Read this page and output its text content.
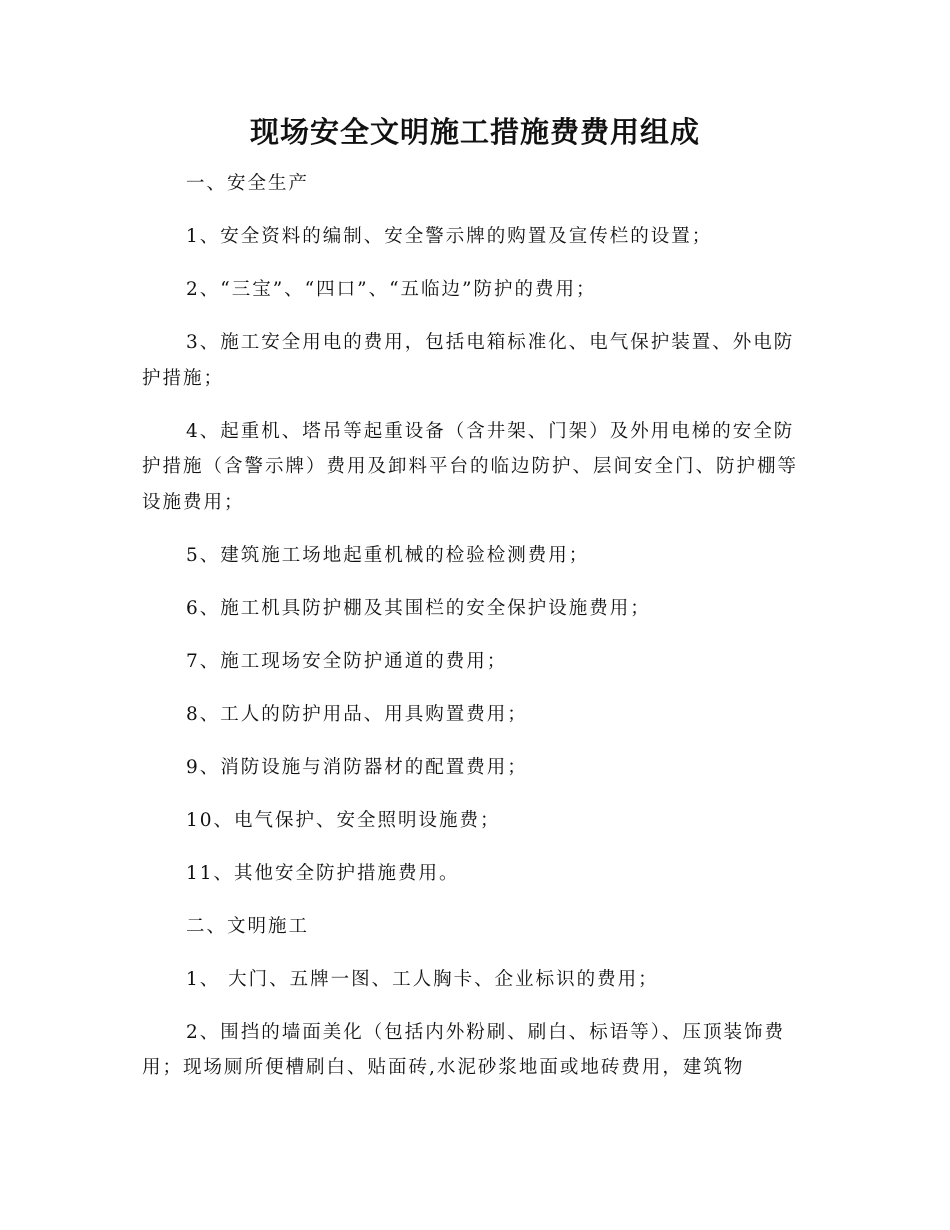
现场安全文明施工措施费费用组成

一、安全生产

1、安全资料的编制、安全警示牌的购置及宣传栏的设置；

2、“三宝”、“四口”、“五临边”防护的费用；

3、施工安全用电的费用，包括电箱标准化、电气保护装置、外电防护措施；

4、起重机、塔吊等起重设备（含井架、门架）及外用电梯的安全防护措施（含警示牌）费用及卸料平台的临边防护、层间安全门、防护棚等设施费用；

5、建筑施工场地起重机械的检验检测费用；

6、施工机具防护棚及其围栏的安全保护设施费用；

7、施工现场安全防护通道的费用；

8、工人的防护用品、用具购置费用；

9、消防设施与消防器材的配置费用；

10、电气保护、安全照明设施费；

11、其他安全防护措施费用。

二、文明施工

1、 大门、五牌一图、工人胸卡、企业标识的费用；

2、围挡的墙面美化（包括内外粉刷、刷白、标语等）、压顶装饰费用；现场厕所便槽刷白、贴面砖,水泥砂浆地面或地砖费用，建筑物
